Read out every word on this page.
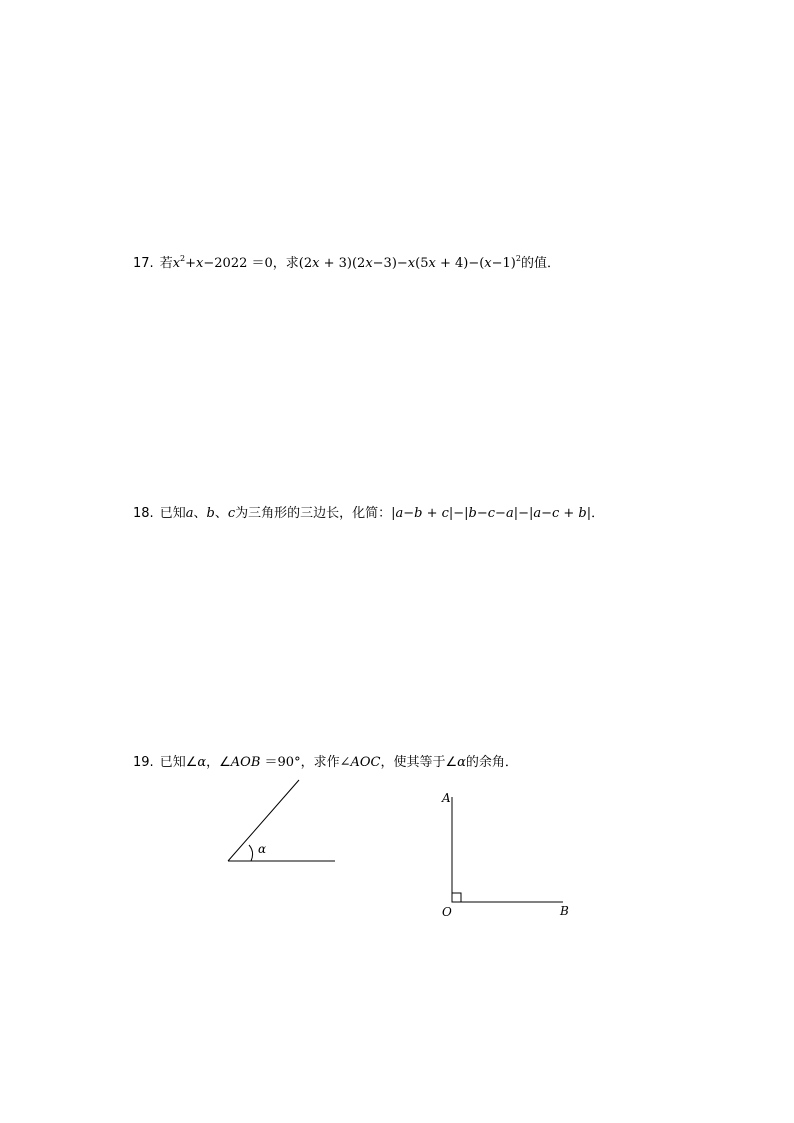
17. 若$x^2+x-2022 =0$，求$(2x + 3)(2x-3)-x(5x + 4)-(x-1)^2$的值．
18. 已知a、b、c为三角形的三边长，化简：|a−b + c|−|b−c−a|−|a−c + b|．
19. 已知∠α，∠AOB ＝90°，求作∠AOC，使其等于∠α的余角．
α
A
O	B
